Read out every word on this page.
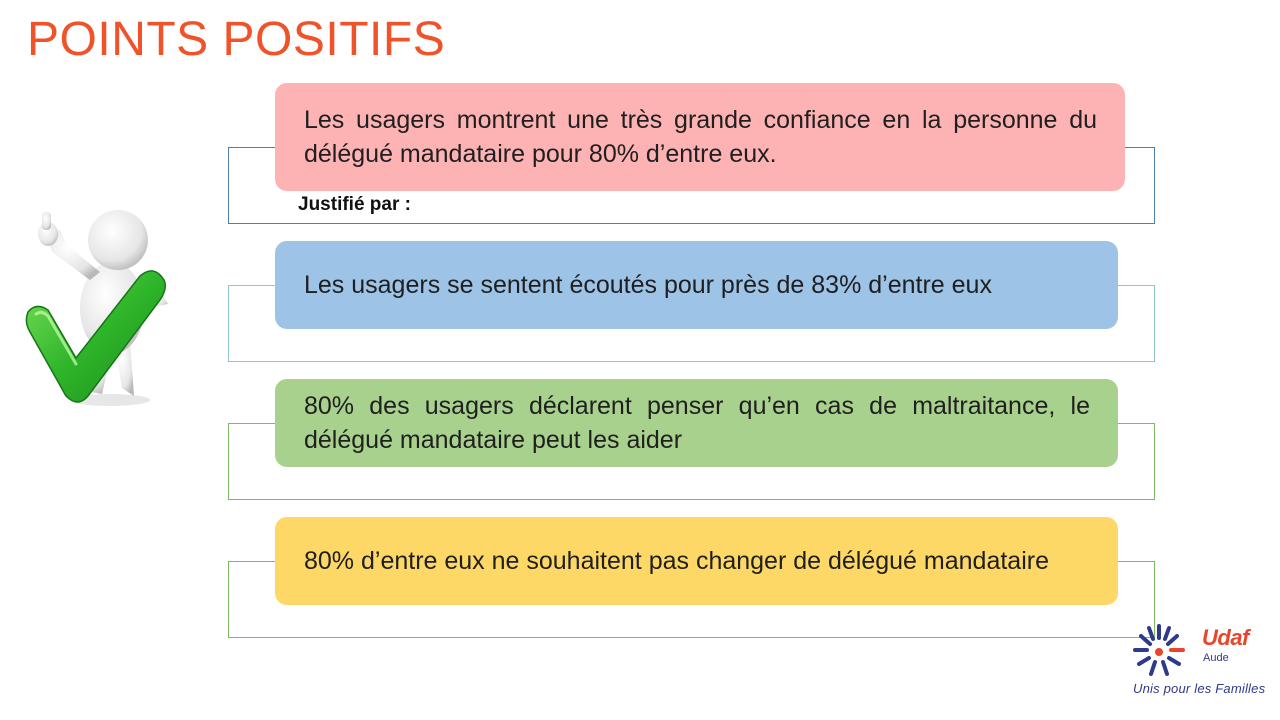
POINTS POSITIFS
Les usagers montrent une très grande confiance en la personne du délégué mandataire pour 80% d’entre eux.
Justifié par :
Les usagers se sentent écoutés pour près de 83% d’entre eux
80% des usagers déclarent penser qu’en cas de maltraitance, le délégué mandataire peut les aider
80% d’entre eux ne souhaitent pas changer de délégué mandataire
Udaf
Aude
Unis pour les Familles
